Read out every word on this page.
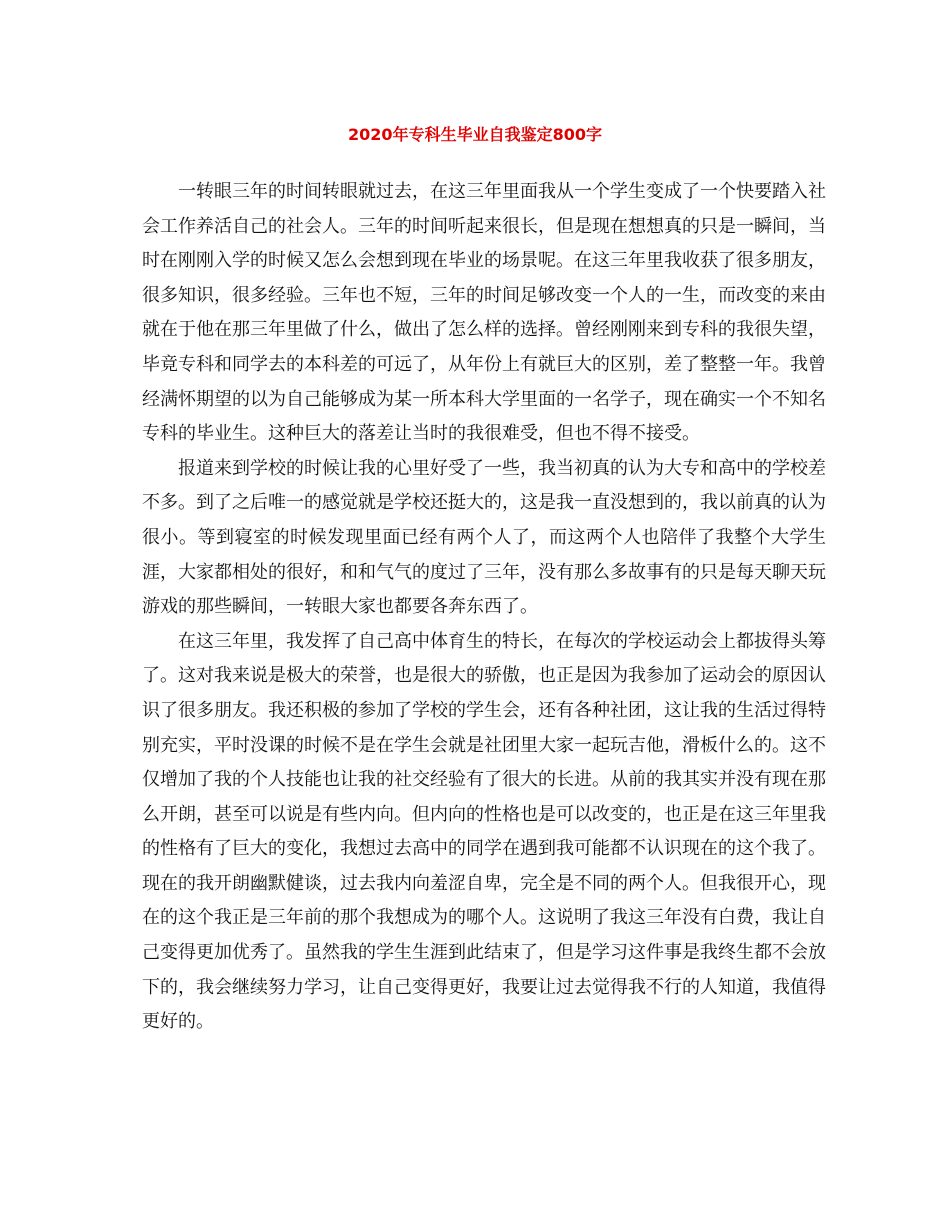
2020年专科生毕业自我鉴定800字

一转眼三年的时间转眼就过去，在这三年里面我从一个学生变成了一个快要踏入社会工作养活自己的社会人。三年的时间听起来很长，但是现在想想真的只是一瞬间，当时在刚刚入学的时候又怎么会想到现在毕业的场景呢。在这三年里我收获了很多朋友，很多知识，很多经验。三年也不短，三年的时间足够改变一个人的一生，而改变的来由就在于他在那三年里做了什么，做出了怎么样的选择。曾经刚刚来到专科的我很失望，毕竟专科和同学去的本科差的可远了，从年份上有就巨大的区别，差了整整一年。我曾经满怀期望的以为自己能够成为某一所本科大学里面的一名学子，现在确实一个不知名专科的毕业生。这种巨大的落差让当时的我很难受，但也不得不接受。

报道来到学校的时候让我的心里好受了一些，我当初真的认为大专和高中的学校差不多。到了之后唯一的感觉就是学校还挺大的，这是我一直没想到的，我以前真的认为很小。等到寝室的时候发现里面已经有两个人了，而这两个人也陪伴了我整个大学生涯，大家都相处的很好，和和气气的度过了三年，没有那么多故事有的只是每天聊天玩游戏的那些瞬间，一转眼大家也都要各奔东西了。

在这三年里，我发挥了自己高中体育生的特长，在每次的学校运动会上都拔得头筹了。这对我来说是极大的荣誉，也是很大的骄傲，也正是因为我参加了运动会的原因认识了很多朋友。我还积极的参加了学校的学生会，还有各种社团，这让我的生活过得特别充实，平时没课的时候不是在学生会就是社团里大家一起玩吉他，滑板什么的。这不仅增加了我的个人技能也让我的社交经验有了很大的长进。从前的我其实并没有现在那么开朗，甚至可以说是有些内向。但内向的性格也是可以改变的，也正是在这三年里我的性格有了巨大的变化，我想过去高中的同学在遇到我可能都不认识现在的这个我了。现在的我开朗幽默健谈，过去我内向羞涩自卑，完全是不同的两个人。但我很开心，现在的这个我正是三年前的那个我想成为的哪个人。这说明了我这三年没有白费，我让自己变得更加优秀了。虽然我的学生生涯到此结束了，但是学习这件事是我终生都不会放下的，我会继续努力学习，让自己变得更好，我要让过去觉得我不行的人知道，我值得更好的。
